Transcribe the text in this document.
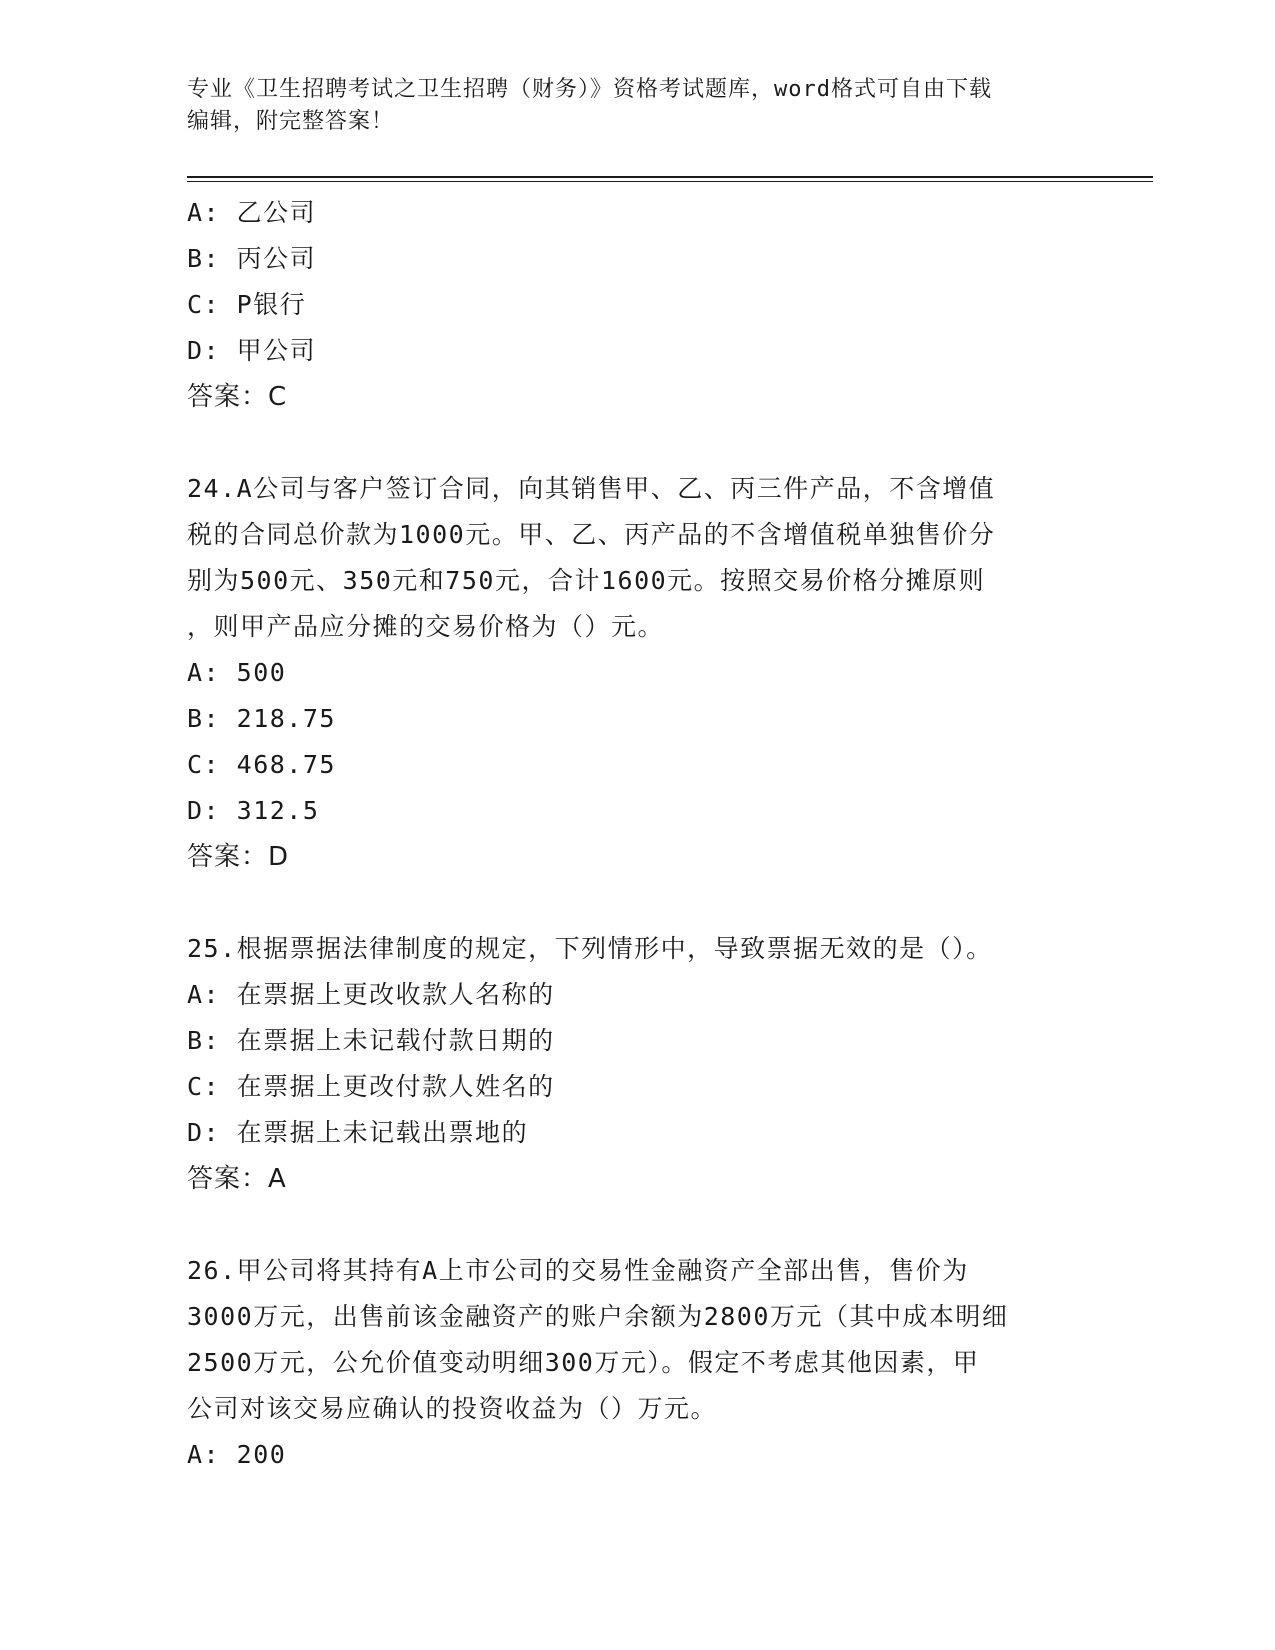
专业《卫生招聘考试之卫生招聘（财务）》资格考试题库，word格式可自由下载
编辑，附完整答案！
A: 乙公司
B: 丙公司
C: P银行
D: 甲公司
答案：C
24.A公司与客户签订合同，向其销售甲、乙、丙三件产品，不含增值
税的合同总价款为1000元。甲、乙、丙产品的不含增值税单独售价分
别为500元、350元和750元，合计1600元。按照交易价格分摊原则
，则甲产品应分摊的交易价格为（）元。
A: 500
B: 218.75
C: 468.75
D: 312.5
答案：D
25.根据票据法律制度的规定，下列情形中，导致票据无效的是（）。
A: 在票据上更改收款人名称的
B: 在票据上未记载付款日期的
C: 在票据上更改付款人姓名的
D: 在票据上未记载出票地的
答案：A
26.甲公司将其持有A上市公司的交易性金融资产全部出售，售价为
3000万元，出售前该金融资产的账户余额为2800万元（其中成本明细
2500万元，公允价值变动明细300万元）。假定不考虑其他因素，甲
公司对该交易应确认的投资收益为（）万元。
A: 200
